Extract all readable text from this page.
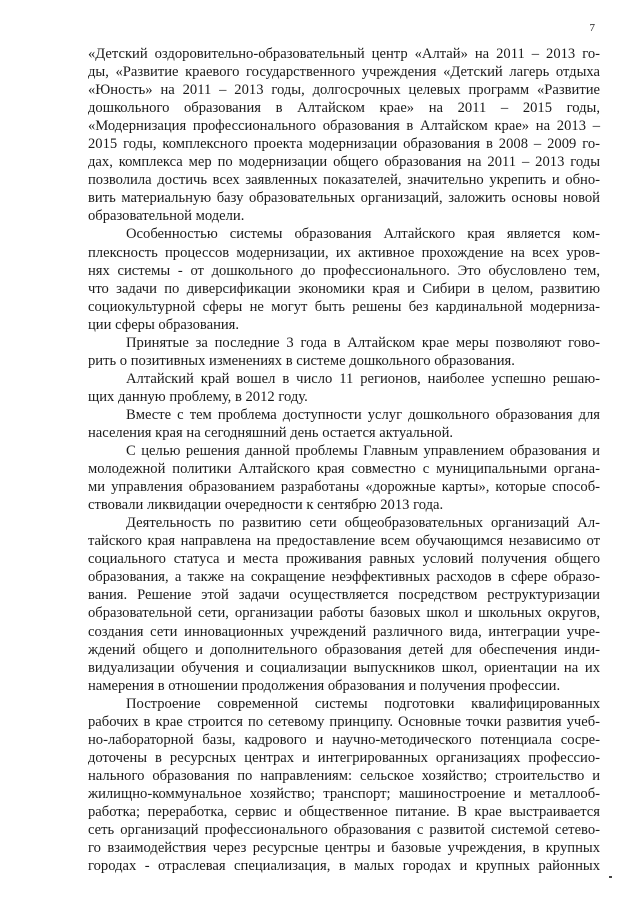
7
«Детский оздоровительно-образовательный центр «Алтай» на 2011 – 2013 го-
ды, «Развитие краевого государственного учреждения «Детский лагерь отдыха
«Юность» на 2011 – 2013 годы, долгосрочных целевых программ «Развитие
дошкольного образования в Алтайском крае» на 2011 – 2015 годы,
«Модернизация профессионального образования в Алтайском крае» на 2013 –
2015 годы, комплексного проекта модернизации образования в 2008 – 2009 го-
дах, комплекса мер по модернизации общего образования на 2011 – 2013 годы
позволила достичь всех заявленных показателей, значительно укрепить и обно-
вить материальную базу образовательных организаций, заложить основы новой
образовательной модели.
Особенностью системы образования Алтайского края является ком-
плексность процессов модернизации, их активное прохождение на всех уров-
нях системы - от дошкольного до профессионального. Это обусловлено тем,
что задачи по диверсификации экономики края и Сибири в целом, развитию
социокультурной сферы не могут быть решены без кардинальной модерниза-
ции сферы образования.
Принятые за последние 3 года в Алтайском крае меры позволяют гово-
рить о позитивных изменениях в системе дошкольного образования.
Алтайский край вошел в число 11 регионов, наиболее успешно решаю-
щих данную проблему, в 2012 году.
Вместе с тем проблема доступности услуг дошкольного образования для
населения края на сегодняшний день остается актуальной.
С целью решения данной проблемы Главным управлением образования и
молодежной политики Алтайского края совместно с муниципальными органа-
ми управления образованием разработаны «дорожные карты», которые способ-
ствовали ликвидации очередности к сентябрю 2013 года.
Деятельность по развитию сети общеобразовательных организаций Ал-
тайского края направлена на предоставление всем обучающимся независимо от
социального статуса и места проживания равных условий получения общего
образования, а также на сокращение неэффективных расходов в сфере образо-
вания. Решение этой задачи осуществляется посредством реструктуризации
образовательной сети, организации работы базовых школ и школьных округов,
создания сети инновационных учреждений различного вида, интеграции учре-
ждений общего и дополнительного образования детей для обеспечения инди-
видуализации обучения и социализации выпускников школ, ориентации на их
намерения в отношении продолжения образования и получения профессии.
Построение современной системы подготовки квалифицированных
рабочих в крае строится по сетевому принципу. Основные точки развития учеб-
но-лабораторной базы, кадрового и научно-методического потенциала сосре-
доточены в ресурсных центрах и интегрированных организациях профессио-
нального образования по направлениям: сельское хозяйство; строительство и
жилищно-коммунальное хозяйство; транспорт; машиностроение и металлооб-
работка; переработка, сервис и общественное питание. В крае выстраивается
сеть организаций профессионального образования с развитой системой сетево-
го взаимодействия через ресурсные центры и базовые учреждения, в крупных
городах - отраслевая специализация, в малых городах и крупных районных
